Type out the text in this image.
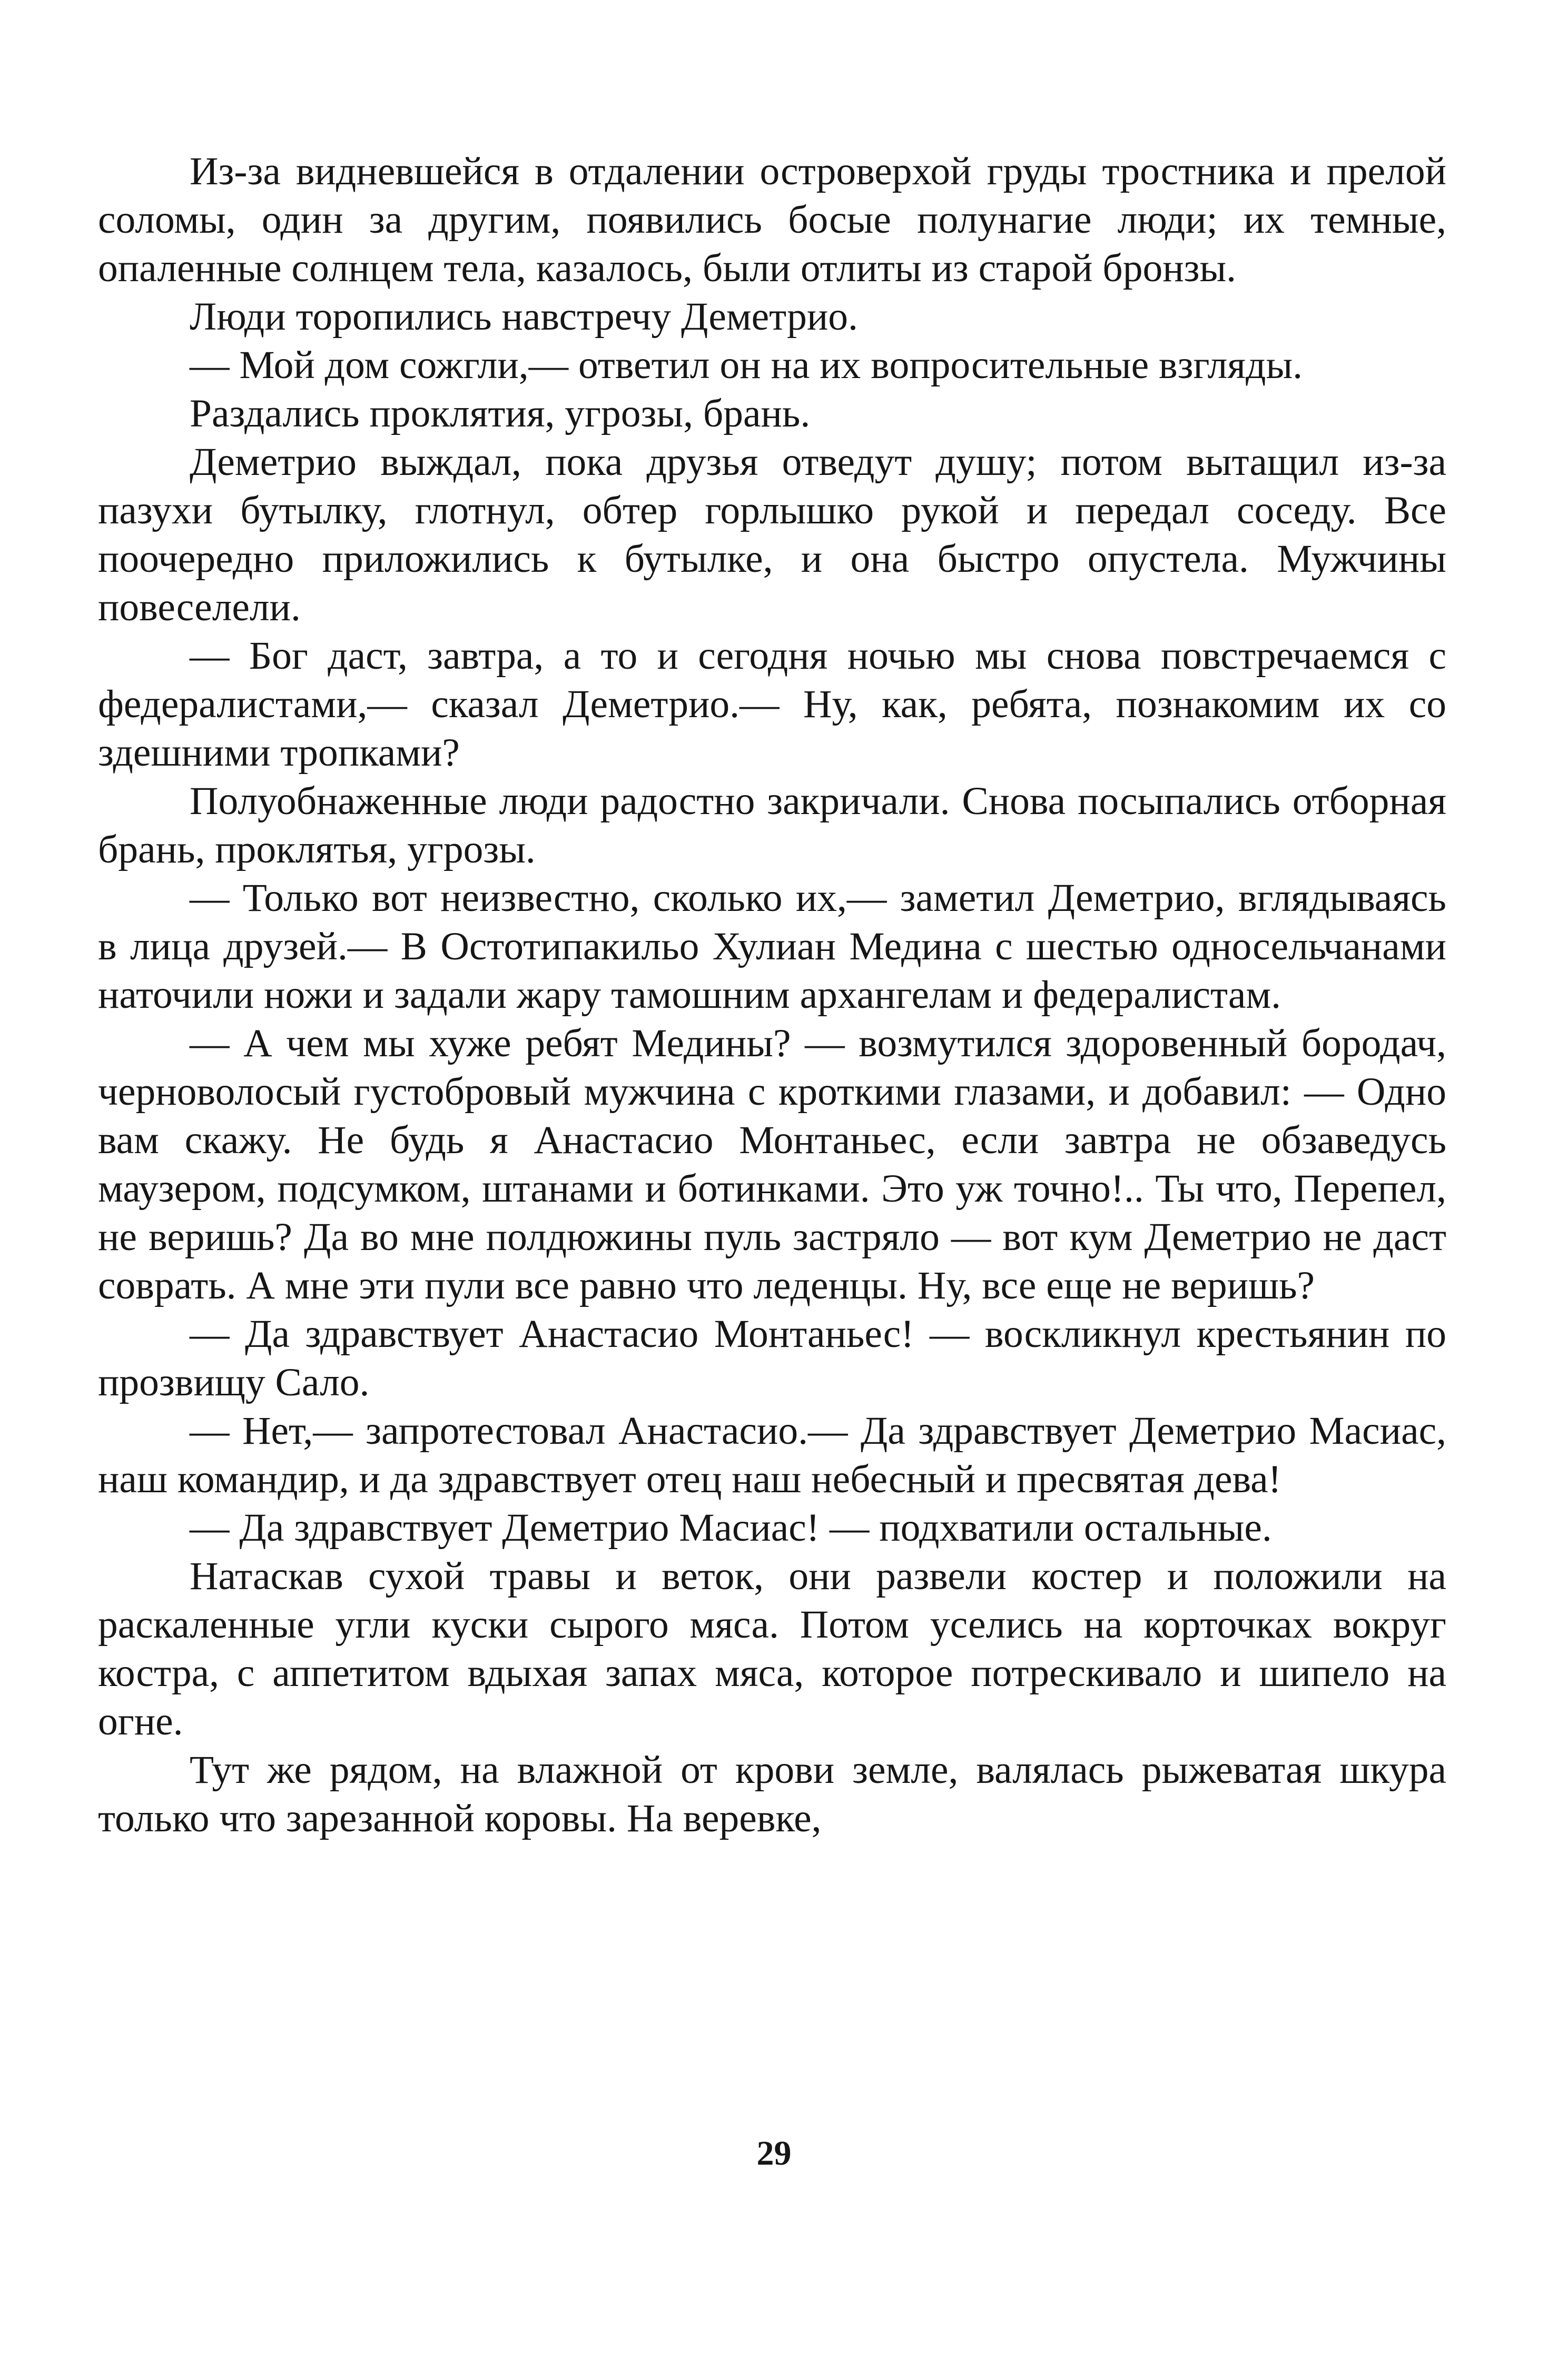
Из-за видневшейся в отдалении островерхой груды тростника и прелой соломы, один за другим, появились босые полунагие люди; их темные, опаленные солнцем тела, казалось, были отлиты из старой бронзы.

Люди торопились навстречу Деметрио.

— Мой дом сожгли,— ответил он на их вопросительные взгляды.

Раздались проклятия, угрозы, брань.

Деметрио выждал, пока друзья отведут душу; потом вытащил из-за пазухи бутылку, глотнул, обтер горлышко рукой и передал соседу. Все поочередно приложились к бутылке, и она быстро опустела. Мужчины повеселели.

— Бог даст, завтра, а то и сегодня ночью мы снова повстречаемся с федералистами,— сказал Деметрио.— Ну, как, ребята, познакомим их со здешними тропками?

Полуобнаженные люди радостно закричали. Снова посыпались отборная брань, проклятья, угрозы.

— Только вот неизвестно, сколько их,— заметил Деметрио, вглядываясь в лица друзей.— В Остотипакильо Хулиан Медина с шестью односельчанами наточили ножи и задали жару тамошним архангелам и федералистам.

— А чем мы хуже ребят Медины? — возмутился здоровенный бородач, черноволосый густобровый мужчина с кроткими глазами, и добавил: — Одно вам скажу. Не будь я Анастасио Монтаньес, если завтра не обзаведусь маузером, подсумком, штанами и ботинками. Это уж точно!.. Ты что, Перепел, не веришь? Да во мне полдюжины пуль застряло — вот кум Деметрио не даст соврать. А мне эти пули все равно что леденцы. Ну, все еще не веришь?

— Да здравствует Анастасио Монтаньес! — воскликнул крестьянин по прозвищу Сало.

— Нет,— запротестовал Анастасио.— Да здравствует Деметрио Масиас, наш командир, и да здравствует отец наш небесный и пресвятая дева!

— Да здравствует Деметрио Масиас! — подхватили остальные.

Натаскав сухой травы и веток, они развели костер и положили на раскаленные угли куски сырого мяса. Потом уселись на корточках вокруг костра, с аппетитом вдыхая запах мяса, которое потрескивало и шипело на огне.

Тут же рядом, на влажной от крови земле, валялась рыжеватая шкура только что зарезанной коровы. На веревке,

29
